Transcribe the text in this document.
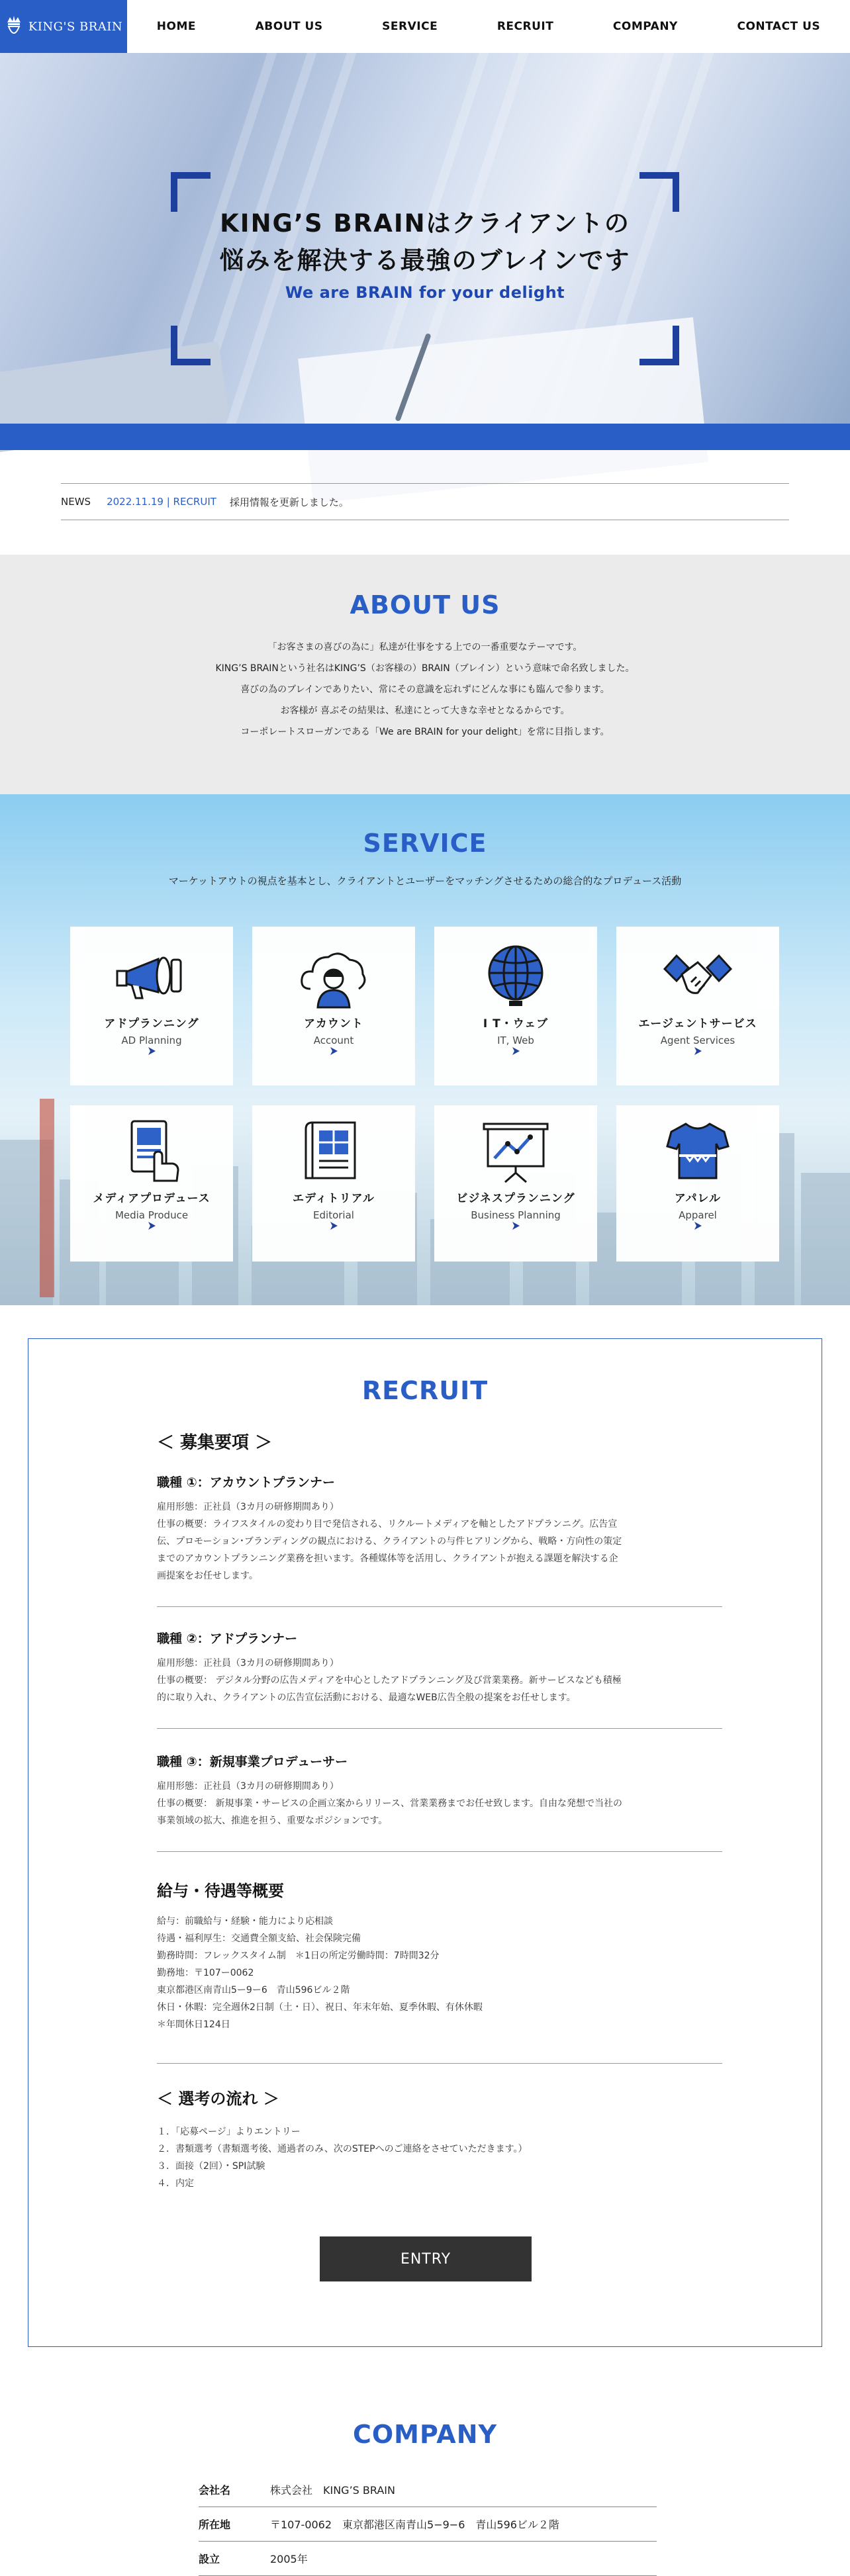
KING'S BRAIN	HOME	ABOUT US	SERVICE	RECRUIT	COMPANY	CONTACT US
KING’S BRAINはクライアントの
悩みを解決する最強のブレインです
We are BRAIN for your delight
NEWS 2022.11.19
| RECRUIT 採用情報を更新しました。
ABOUT US
「お客さまの喜びの為に」私達が仕事をする上での一番重要なテーマです。
KING’S BRAINという社名はKING’S（お客様の）BRAIN（ブレイン）という意味で命名致しました。
喜びの為のブレインでありたい、常にその意識を忘れずにどんな事にも臨んで参ります。
お客様が 喜ぶその結果は、私達にとって大きな幸せとなるからです。
コーポレートスローガンである「We are BRAIN for your delight」を常に目指します。
SERVICE

マーケットアウトの視点を基本とし、クライアントとユーザーをマッチングさせるための総合的なプロデュース活動

アドプランニング
AD Planning
アカウント
Account
I T・ウェブ
IT, Web
エージェントサービス
Agent Services
メディアプロデュース
Media Produce
エディトリアル
Editorial
ビジネスプランニング
Business Planning
アパレル
Apparel
RECRUIT
＜ 募集要項 ＞
職種 ①：アカウントプランナー

雇用形態：正社員（3カ月の研修期間あり）

仕事の概要：ライフスタイルの変わり目で発信される、リクルートメディアを軸としたアドプランニグ。広告宣

伝、プロモーション･ブランディングの観点における、クライアントの与件ヒアリングから、戦略・方向性の策定

までのアカウントプランニング業務を担います。各種媒体等を活用し、クライアントが抱える課題を解決する企

画提案をお任せします。

職種 ②：アドプランナー

雇用形態：正社員（3カ月の研修期間あり）

仕事の概要： デジタル分野の広告メディアを中心としたアドプランニング及び営業業務。新サービスなども積極

的に取り入れ、クライアントの広告宣伝活動における、最適なWEB広告全般の提案をお任せします。

職種 ③：新規事業プロデューサー

雇用形態：正社員（3カ月の研修期間あり）

仕事の概要： 新規事業・サービスの企画立案からリリース、営業業務までお任せ致します。自由な発想で当社の

事業領域の拡大、推進を担う、重要なポジションです。

給与・待遇等概要

給与：前職給与・経験・能力により応相談

待遇・福利厚生：交通費全額支給、社会保険完備

勤務時間：フレックスタイム制　＊1日の所定労働時間：7時間32分

勤務地：〒107ー0062

東京都港区南青山5ー9ー6　青山596ビル２階

休日・休暇：完全週休2日制（土・日）、祝日、年末年始、夏季休暇、有休休暇

＊年間休日124日

＜ 選考の流れ ＞

１．「応募ページ」よりエントリー

２．書類選考（書類選考後、通過者のみ、次のSTEPへのご連絡をさせていただきます。）

３．面接（2回）・SPI試験

４．内定

ENTRY
COMPANY
会社名	株式会社　KING’S BRAIN
所在地	〒107-0062　東京都港区南青山5−9−6　青山596ビル２階
設立	2005年
